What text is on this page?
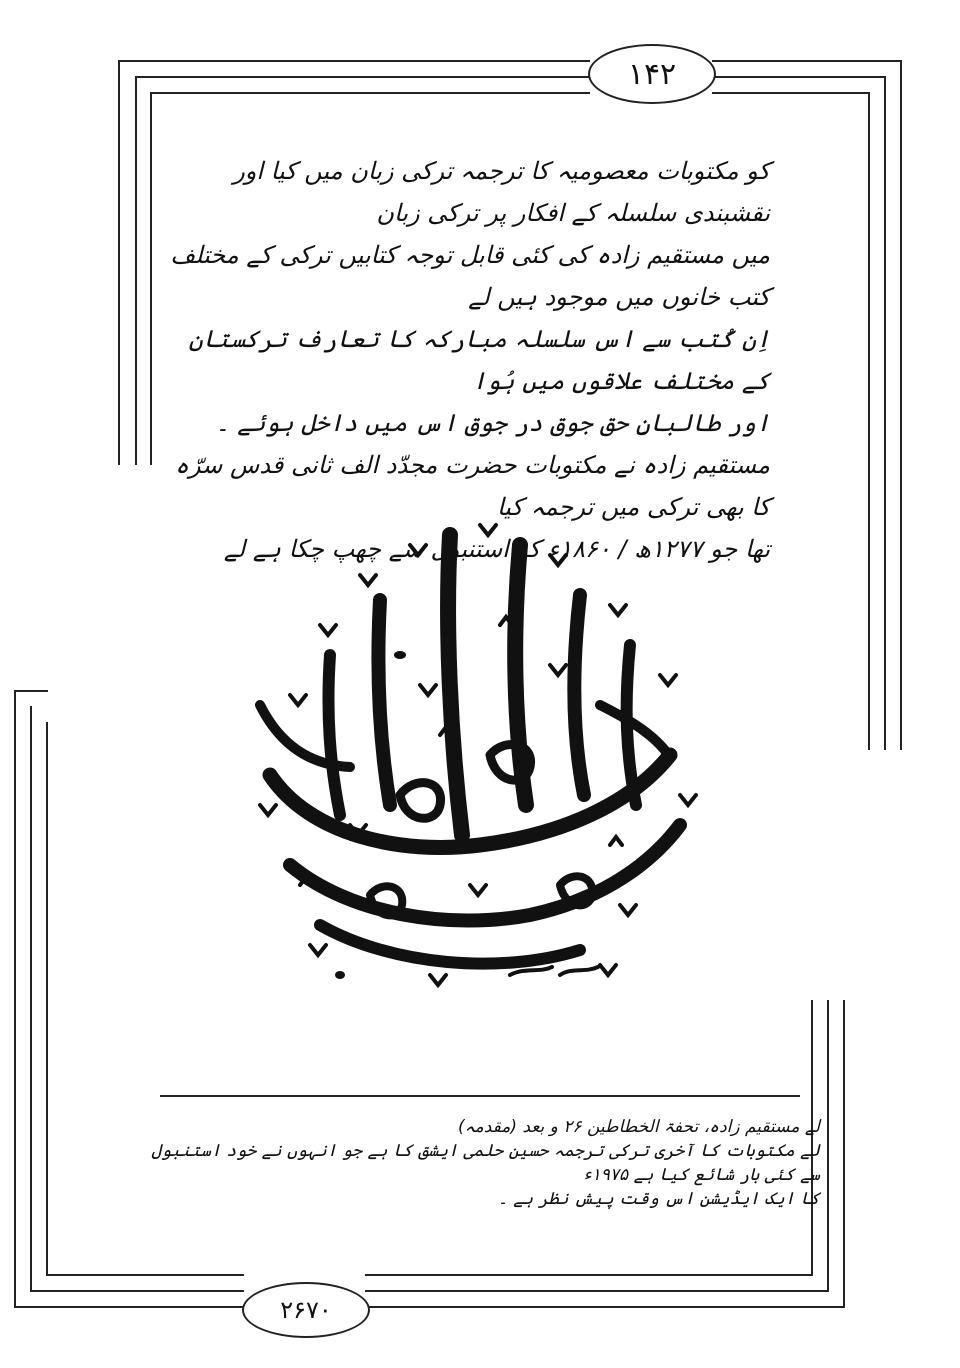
۱۴۲
۲۶۷۰

کو مکتوبات معصومیہ کا ترجمہ ترکی زبان میں کیا اور نقشبندی سلسلہ کے افکار پر ترکی زبان

میں مستقیم زادہ کی کئی قابل توجہ کتابیں ترکی کے مختلف کتب خانوں میں موجود ہیں لے

اِن کُتب سے اس سلسلہ مبارکہ کا تعارف ترکستان کے مختلف علاقوں میں ہُوا

اور طالبانِ حق جوق در جوق اس میں داخل ہوئے ۔

مستقیم زادہ نے مکتوبات حضرت مجدّد الف ثانی قدس سرّہ کا بھی ترکی میں ترجمہ کیا

تھا جو ۱۲۷۷ھ / ۱۸۶۰ء کو استنبول سے چھپ چکا ہے لے

لے مستقیم زادہ، تحفۃ الخطاطین ۲۶ و بعد (مقدمہ)

لے مکتوبات کا آخری ترکی ترجمہ حسین حلمی ایشق کا ہے جو انہوں نے خود استنبول سے کئی بار شائع کیا ہے ۱۹۷۵ء

کا ایک ایڈیشن اس وقت پیش نظر ہے ۔
